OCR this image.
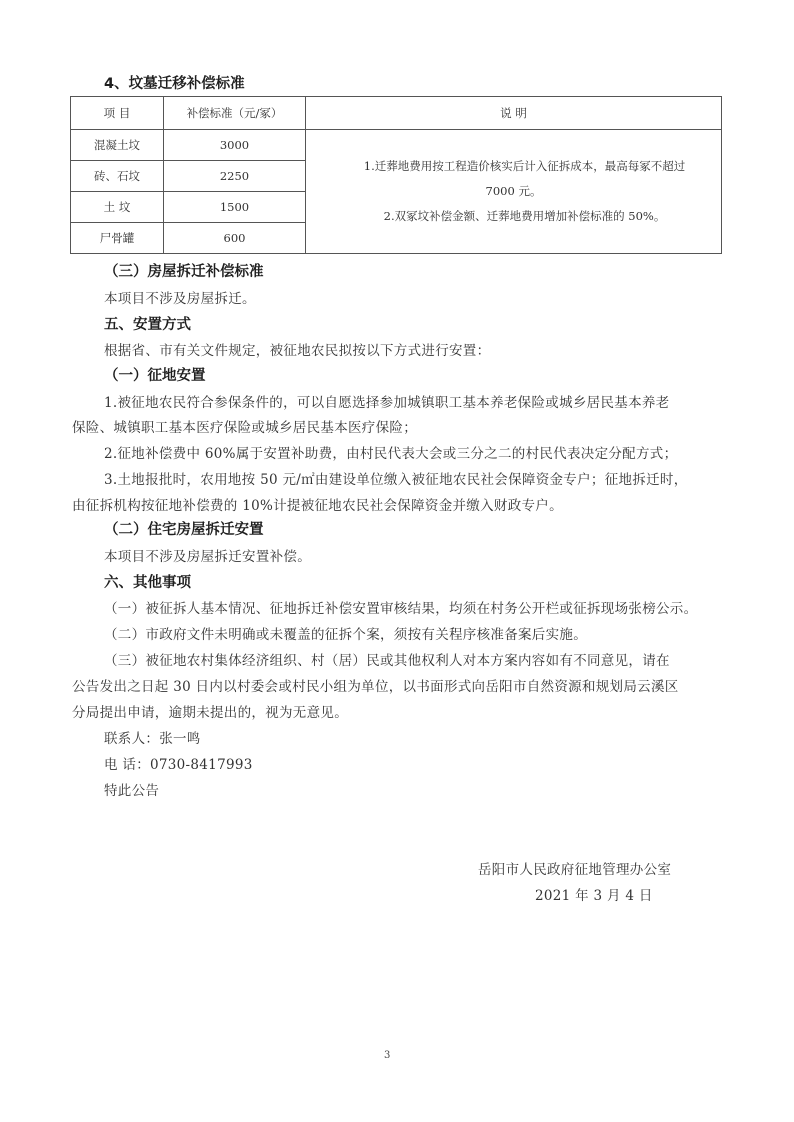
4、坟墓迁移补偿标准
项 目	补偿标准（元/冢）	说 明
混凝土坟	3000	1.迁葬地费用按工程造价核实后计入征拆成本，最高每冢不超过
7000 元。
2.双冢坟补偿金额、迁葬地费用增加补偿标准的 50%。

砖、石坟	2250	
土 坟	1500	
尸骨罐	600	
（三）房屋拆迁补偿标准
本项目不涉及房屋拆迁。
五、安置方式
根据省、市有关文件规定，被征地农民拟按以下方式进行安置：
（一）征地安置
1.被征地农民符合参保条件的，可以自愿选择参加城镇职工基本养老保险或城乡居民基本养老
保险、城镇职工基本医疗保险或城乡居民基本医疗保险；
2.征地补偿费中 60%属于安置补助费，由村民代表大会或三分之二的村民代表决定分配方式；
3.土地报批时，农用地按 50 元/㎡由建设单位缴入被征地农民社会保障资金专户；征地拆迁时，
由征拆机构按征地补偿费的 10%计提被征地农民社会保障资金并缴入财政专户。
（二）住宅房屋拆迁安置
本项目不涉及房屋拆迁安置补偿。
六、其他事项
（一）被征拆人基本情况、征地拆迁补偿安置审核结果，均须在村务公开栏或征拆现场张榜公示。
（二）市政府文件未明确或未覆盖的征拆个案，须按有关程序核准备案后实施。
（三）被征地农村集体经济组织、村（居）民或其他权利人对本方案内容如有不同意见，请在
公告发出之日起 30 日内以村委会或村民小组为单位，以书面形式向岳阳市自然资源和规划局云溪区
分局提出申请，逾期未提出的，视为无意见。
联系人：张一鸣
电 话：0730-8417993
特此公告
岳阳市人民政府征地管理办公室
2021 年 3 月 4 日
3
